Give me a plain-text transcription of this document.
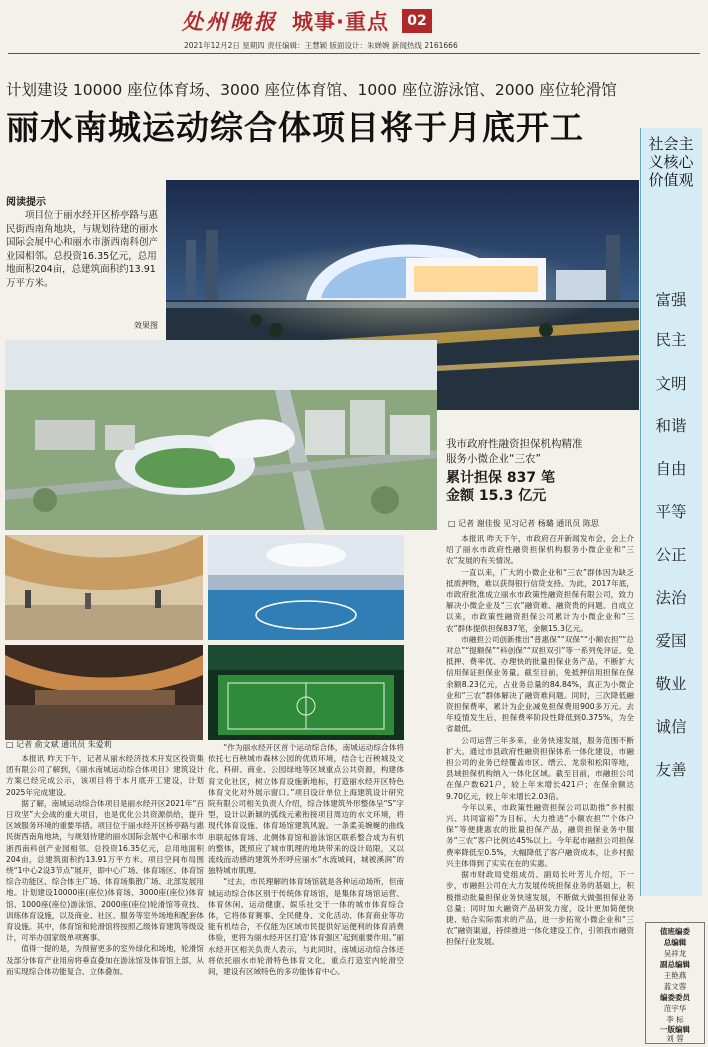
处州晚报 城事·重点	02
2021年12月2日 星期四 责任编辑：王慧颖 版面设计：朱婵婉 新闻热线 2161666
计划建设 10000 座位体育场、3000 座位体育馆、1000 座位游泳馆、2000 座位轮滑馆
丽水南城运动综合体项目将于月底开工	社会主义核心价值观
富强
民主
文明
和谐
自由
平等
公正
法治
爱国
敬业
诚信
友善
阅读提示
项目位于丽水经开区桥亭路与惠民街西南角地块，与规划待建的丽水国际会展中心和丽水市浙西南科创产业园相邻。总投资16.35亿元，总用地面积204亩，总建筑面积约13.91万平方米。
效果图
我市政府性融资担保机构精准
服务小微企业“三农”
累计担保 837 笔
金额 15.3 亿元
□ 记者 谢佳俊 见习记者 杨璐 通讯员 陈思

本报讯 昨天下午，市政府召开新闻发布会，会上介绍了丽水市政府性融资担保机构服务小微企业和“三农”发展的有关情况。

一直以来，广大的小微企业和“三农”群体因为缺乏抵质押物，难以获得银行信贷支持。为此，2017年底，市政府批准成立丽水市政策性融资担保有限公司，致力解决小微企业及“三农”融资难、融资贵的问题。自成立以来，市政策性融资担保公司累计为小微企业和“三农”群体提供担保837笔，金额15.3亿元。

市融担公司创新推出“普惠保”“双保”“小额农担”“总对总”“提额保”“科创保”“双担双引”等一系列免评证、免抵押、费率优、办理快的批量担保业务产品，不断扩大信用保证担保业务量。截至目前，免抵押信用担保在保余额8.23亿元，占业务总量的84.84%，真正为小微企业和“三农”群体解决了融资难问题。同时，三次降低融资担保费率，累计为企业减免担保费用900多万元。去年疫情发生后，担保费率阶段性降低到0.375%，为全省最低。

公司运营三年多来，业务快速发展，服务范围不断扩大。通过市县政府性融资担保体系一体化建设，市融担公司的业务已经覆盖市区、缙云、龙泉和松阳等地，县域担保机构纳入一体化区域。截至目前，市融担公司在保户数621户，较上年末增长421户；在保余额达9.70亿元，较上年末增长2.03倍。

今年以来，市政策性融资担保公司以助推“乡村振兴、共同富裕”为目标，大力推进“小额农担”“个体户保”等便捷惠农的批量担保产品，融资担保业务中服务“三农”客户比例达45%以上。今年起市融担公司担保费率降低至0.5%，大幅降低了客户融资成本，让乡村振兴主体得到了实实在在的实惠。

据市财政局党组成员、副局长叶芳儿介绍，下一步，市融担公司在大力发展传统担保业务的基础上，积极推动批量担保业务快速发展，不断做大做强担保业务总量；同时加大融资产品研发力度，设计更加简便快捷、贴合实际需求的产品，进一步拓宽小微企业和“三农”融资渠道，持续推进一体化建设工作，引领我市融资担保行业发展。

□ 记者 俞文斌 通讯员 朱爱莉

本报讯 昨天下午，记者从丽水经济技术开发区投资集团有限公司了解到，《丽水南城运动综合体项目》建筑设计方案已经完成公示，该项目将于本月底开工建设，计划2025年完成建设。

据了解，南城运动综合体项目是丽水经开区2021年“百日攻坚”大会战的重大项目，也是优化公共资源供给，提升区域服务环境的重要举措。项目位于丽水经开区桥亭路与惠民街西南角地块，与规划待建的丽水国际会展中心和丽水市浙西南科创产业园相邻。总投资16.35亿元，总用地面积204亩，总建筑面积约13.91万平方米。项目空间布局围绕“1中心2设3节点”展开，即中心广场、体育场区、体育馆综合功能区、综合体主广场、体育场集散广场、北部发展用地。计划建设10000座(座位)体育场、3000座(座位)体育馆、1000座(座位)游泳馆、2000座(座位)轮滑馆等竞技、训练体育设施，以及商业、社区、服务等室外场地和配套体育设施。其中，体育馆和轮滑馆将按照乙级体育建筑等级设计，可举办国家级单项赛事。

值得一提的是，为预留更多的室外绿化和场地，轮滑馆及部分体育产业用房将垂直叠加在游泳馆及体育馆上部，从而实现综合体功能复合、立体叠加。

“作为丽水经开区首个运动综合体，南城运动综合体将依托七百秧城市森林公园的优质环境，结合七百秧城及文化、科研、商业、公园绿地等区域重点公共资源，构建体育文化社区，树立体育设施新地标，打造丽水经开区特色体育文化对外展示窗口。”项目设计单位上海建筑设计研究院有限公司相关负责人介绍，综合体建筑外形整体呈“S”字型，设计以新颖的弧线元素衔接项目周边的水文环境，将现代体育设施、体育场馆建筑风貌。一条柔美婉蜒的曲线串联起体育场、北侧体育馆和游泳馆区联系整合成为有机的整体，既照应了城市肌理的地块带来的设计局限，又以流线而动感的建筑外形呼应丽水“水流城间，城被溪润”的独特城市肌理。

“过去，市民理解的体育场馆就是各种运动场所，但南城运动综合体区别于传统体育场馆，是集体育场馆运营、体育休闲、运动健康、娱乐社交于一体的城市体育综合体，它将体育赛事、全民健身、文化活动、体育商业等功能有机结合，不仅能为区域市民提供好运便利的体育消费体验，更将为丽水经开区打造‘体育强区’起到重要作用。”丽水经开区相关负责人表示，与此同时，南城运动综合体还将依托丽水市轮滑特色体育文化，重点打造室内轮滑空间，建设有区域特色的多功能体育中心。

值班编委
总编辑
吴祥龙
副总编辑
王艳燕
蓝文蓉
编委委员
范宇华
李 标
一版编辑
刘 蓉
